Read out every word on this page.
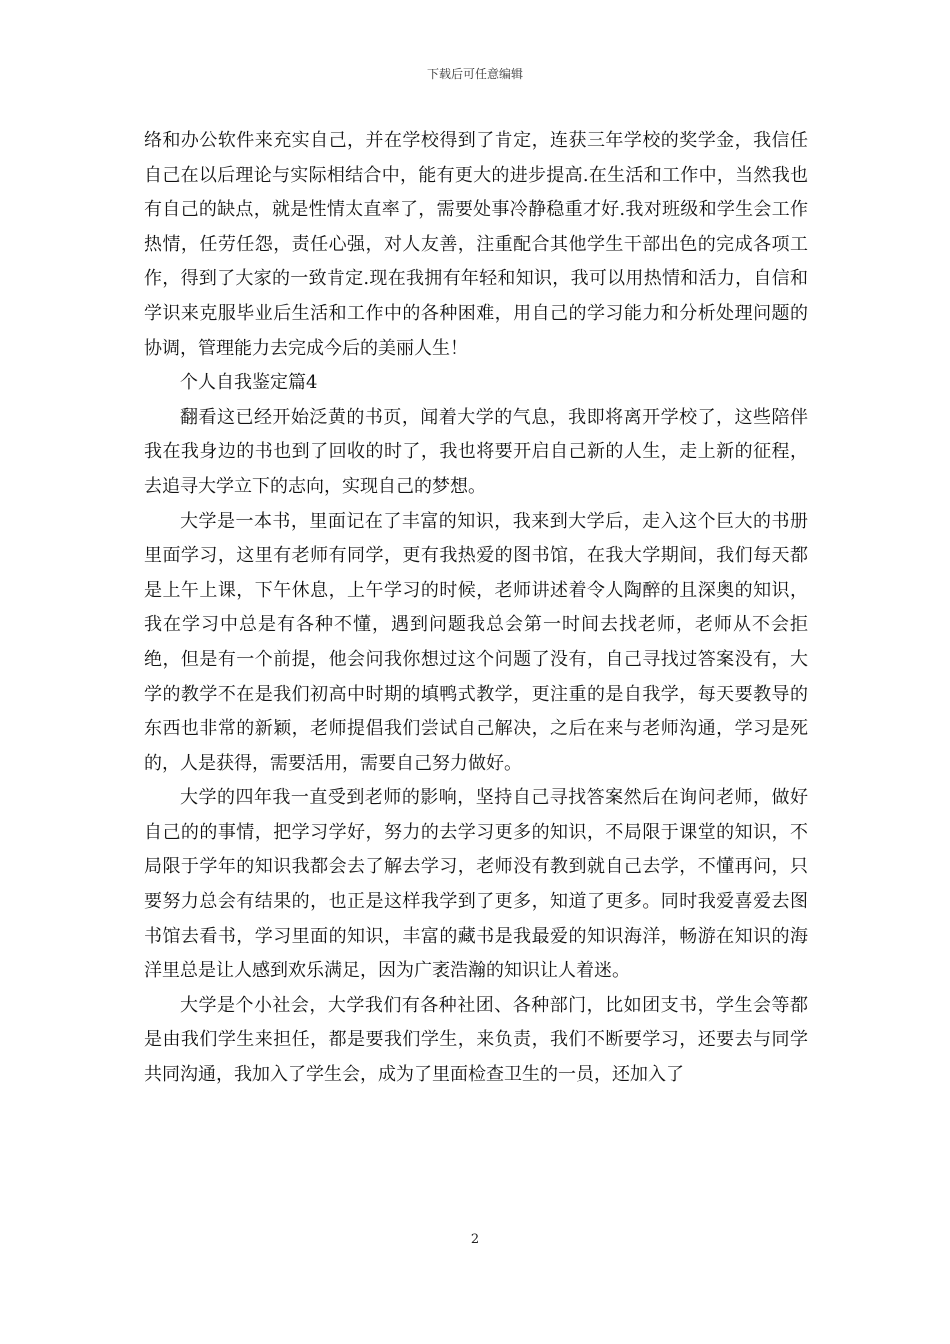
下载后可任意编辑

络和办公软件来充实自己，并在学校得到了肯定，连获三年学校的奖学金，我信任自己在以后理论与实际相结合中，能有更大的进步提高.在生活和工作中，当然我也有自己的缺点，就是性情太直率了，需要处事冷静稳重才好.我对班级和学生会工作热情，任劳任怨，责任心强，对人友善，注重配合其他学生干部出色的完成各项工作，得到了大家的一致肯定.现在我拥有年轻和知识，我可以用热情和活力，自信和学识来克服毕业后生活和工作中的各种困难，用自己的学习能力和分析处理问题的协调，管理能力去完成今后的美丽人生！

个人自我鉴定篇4

翻看这已经开始泛黄的书页，闻着大学的气息，我即将离开学校了，这些陪伴我在我身边的书也到了回收的时了，我也将要开启自己新的人生，走上新的征程，去追寻大学立下的志向，实现自己的梦想。

大学是一本书，里面记在了丰富的知识，我来到大学后，走入这个巨大的书册里面学习，这里有老师有同学，更有我热爱的图书馆，在我大学期间，我们每天都是上午上课，下午休息，上午学习的时候，老师讲述着令人陶醉的且深奥的知识，我在学习中总是有各种不懂，遇到问题我总会第一时间去找老师，老师从不会拒绝，但是有一个前提，他会问我你想过这个问题了没有，自己寻找过答案没有，大学的教学不在是我们初高中时期的填鸭式教学，更注重的是自我学，每天要教导的东西也非常的新颖，老师提倡我们尝试自己解决，之后在来与老师沟通，学习是死的，人是获得，需要活用，需要自己努力做好。

大学的四年我一直受到老师的影响，坚持自己寻找答案然后在询问老师，做好自己的的事情，把学习学好，努力的去学习更多的知识，不局限于课堂的知识，不局限于学年的知识我都会去了解去学习，老师没有教到就自己去学，不懂再问，只要努力总会有结果的，也正是这样我学到了更多，知道了更多。同时我爱喜爱去图书馆去看书，学习里面的知识，丰富的藏书是我最爱的知识海洋，畅游在知识的海洋里总是让人感到欢乐满足，因为广袤浩瀚的知识让人着迷。

大学是个小社会，大学我们有各种社团、各种部门，比如团支书，学生会等都是由我们学生来担任，都是要我们学生，来负责，我们不断要学习，还要去与同学共同沟通，我加入了学生会，成为了里面检查卫生的一员，还加入了

2
